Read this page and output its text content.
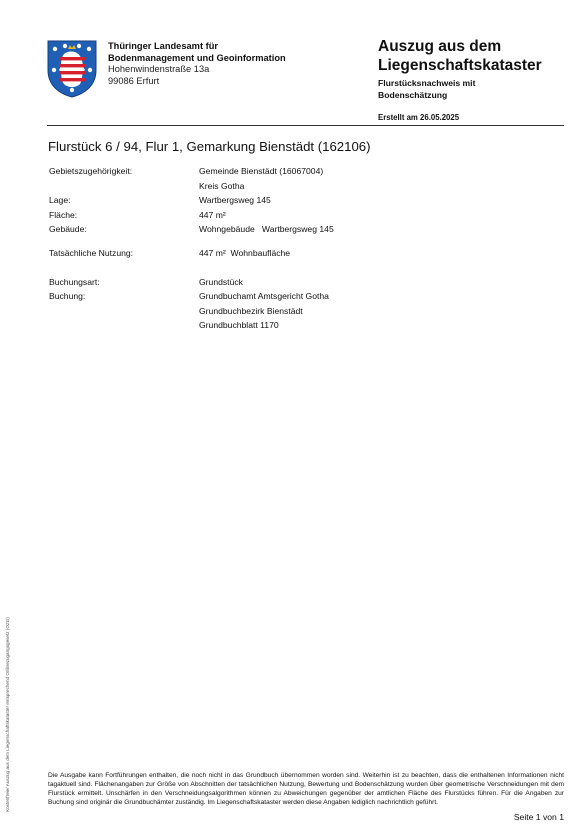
Thüringer Landesamt für
Bodenmanagement und Geoinformation
Hohenwindenstraße 13a
99086 Erfurt
Auszug aus dem
Liegenschaftskataster
Flurstücksnachweis mit
Bodenschätzung
Erstellt am 26.05.2025
Flurstück 6 / 94, Flur 1, Gemarkung Bienstädt (162106)
Gebietszugehörigkeit:	Gemeinde Bienstädt (16067004)
Kreis Gotha
Lage:	Wartbergsweg 145
Fläche:	447 m²
Gebäude:	Wohngebäude   Wartbergsweg 145
Tatsächliche Nutzung:	447 m²  Wohnbaufläche
Buchungsart:	Grundstück
Buchung:	Grundbuchamt Amtsgericht Gotha
Grundbuchbezirk Bienstädt
Grundbuchblatt 1170
Kostenfreier Auszug aus dem Liegenschaftskataster entsprechend Onlinezugangsgesetz (OZG)	Die Ausgabe kann Fortführungen enthalten, die noch nicht in das Grundbuch übernommen worden sind. Weiterhin ist zu beachten, dass die enthaltenen Informationen nicht tagaktuell sind. Flächenangaben zur Größe von Abschnitten der tatsächlichen Nutzung, Bewertung und Bodenschätzung wurden über geometrische Verschneidungen mit dem Flurstück ermittelt. Unschärfen in den Verschneidungsalgorithmen können zu Abweichungen gegenüber der amtlichen Fläche des Flurstücks führen. Für die Angaben zur Buchung sind originär die Grundbuchämter zuständig. Im Liegenschaftskataster werden diese Angaben lediglich nachrichtlich geführt.
Seite 1 von 1
